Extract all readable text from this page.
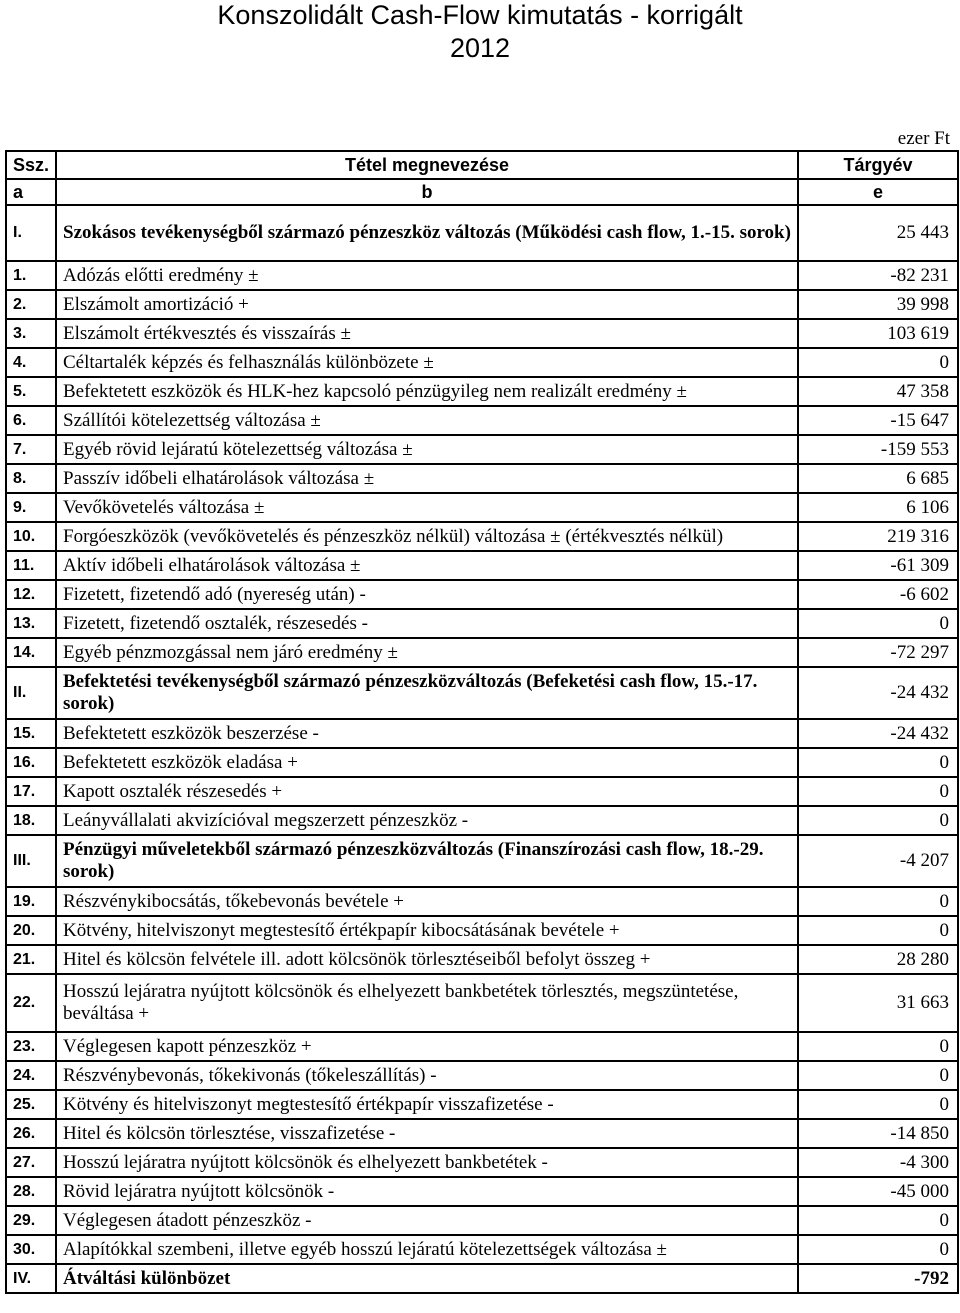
Konszolidált Cash-Flow kimutatás - korrigált
2012
ezer Ft
Ssz.	Tétel megnevezése	Tárgyév
a	b	e
I.	Szokásos tevékenységből származó pénzeszköz változás (Működési cash flow, 1.-15. sorok)	25 443
1.	Adózás előtti eredmény ±	-82 231
2.	Elszámolt amortizáció +	39 998
3.	Elszámolt értékvesztés és visszaírás ±	103 619
4.	Céltartalék képzés és felhasználás különbözete ±	0
5.	Befektetett eszközök és HLK-hez kapcsoló pénzügyileg nem realizált eredmény ±	47 358
6.	Szállítói kötelezettség változása ±	-15 647
7.	Egyéb rövid lejáratú kötelezettség változása ±	-159 553
8.	Passzív időbeli elhatárolások változása ±	6 685
9.	Vevőkövetelés változása ±	6 106
10.	Forgóeszközök (vevőkövetelés és pénzeszköz nélkül) változása ± (értékvesztés nélkül)	219 316
11.	Aktív időbeli elhatárolások változása ±	-61 309
12.	Fizetett, fizetendő adó (nyereség után) -	-6 602
13.	Fizetett, fizetendő osztalék, részesedés -	0
14.	Egyéb pénzmozgással nem járó eredmény ±	-72 297
II.	Befektetési tevékenységből származó pénzeszközváltozás (Befeketési cash flow, 15.-17. sorok)	-24 432
15.	Befektetett eszközök beszerzése -	-24 432
16.	Befektetett eszközök eladása +	0
17.	Kapott osztalék részesedés +	0
18.	Leányvállalati akvizícióval megszerzett pénzeszköz -	0
III.	Pénzügyi műveletekből származó pénzeszközváltozás (Finanszírozási cash flow, 18.-29. sorok)	-4 207
19.	Részvénykibocsátás, tőkebevonás bevétele +	0
20.	Kötvény, hitelviszonyt megtestesítő értékpapír kibocsátásának bevétele +	0
21.	Hitel és kölcsön felvétele ill. adott kölcsönök törlesztéseiből befolyt összeg +	28 280
22.	Hosszú lejáratra nyújtott kölcsönök és elhelyezett bankbetétek törlesztés, megszüntetése, beváltása +	31 663
23.	Véglegesen kapott pénzeszköz +	0
24.	Részvénybevonás, tőkekivonás (tőkeleszállítás) -	0
25.	Kötvény és hitelviszonyt megtestesítő értékpapír visszafizetése -	0
26.	Hitel és kölcsön törlesztése, visszafizetése -	-14 850
27.	Hosszú lejáratra nyújtott kölcsönök és elhelyezett bankbetétek -	-4 300
28.	Rövid lejáratra nyújtott kölcsönök -	-45 000
29.	Véglegesen átadott pénzeszköz -	0
30.	Alapítókkal szembeni, illetve egyéb hosszú lejáratú kötelezettségek változása ±	0
IV.	Átváltási különbözet	-792
